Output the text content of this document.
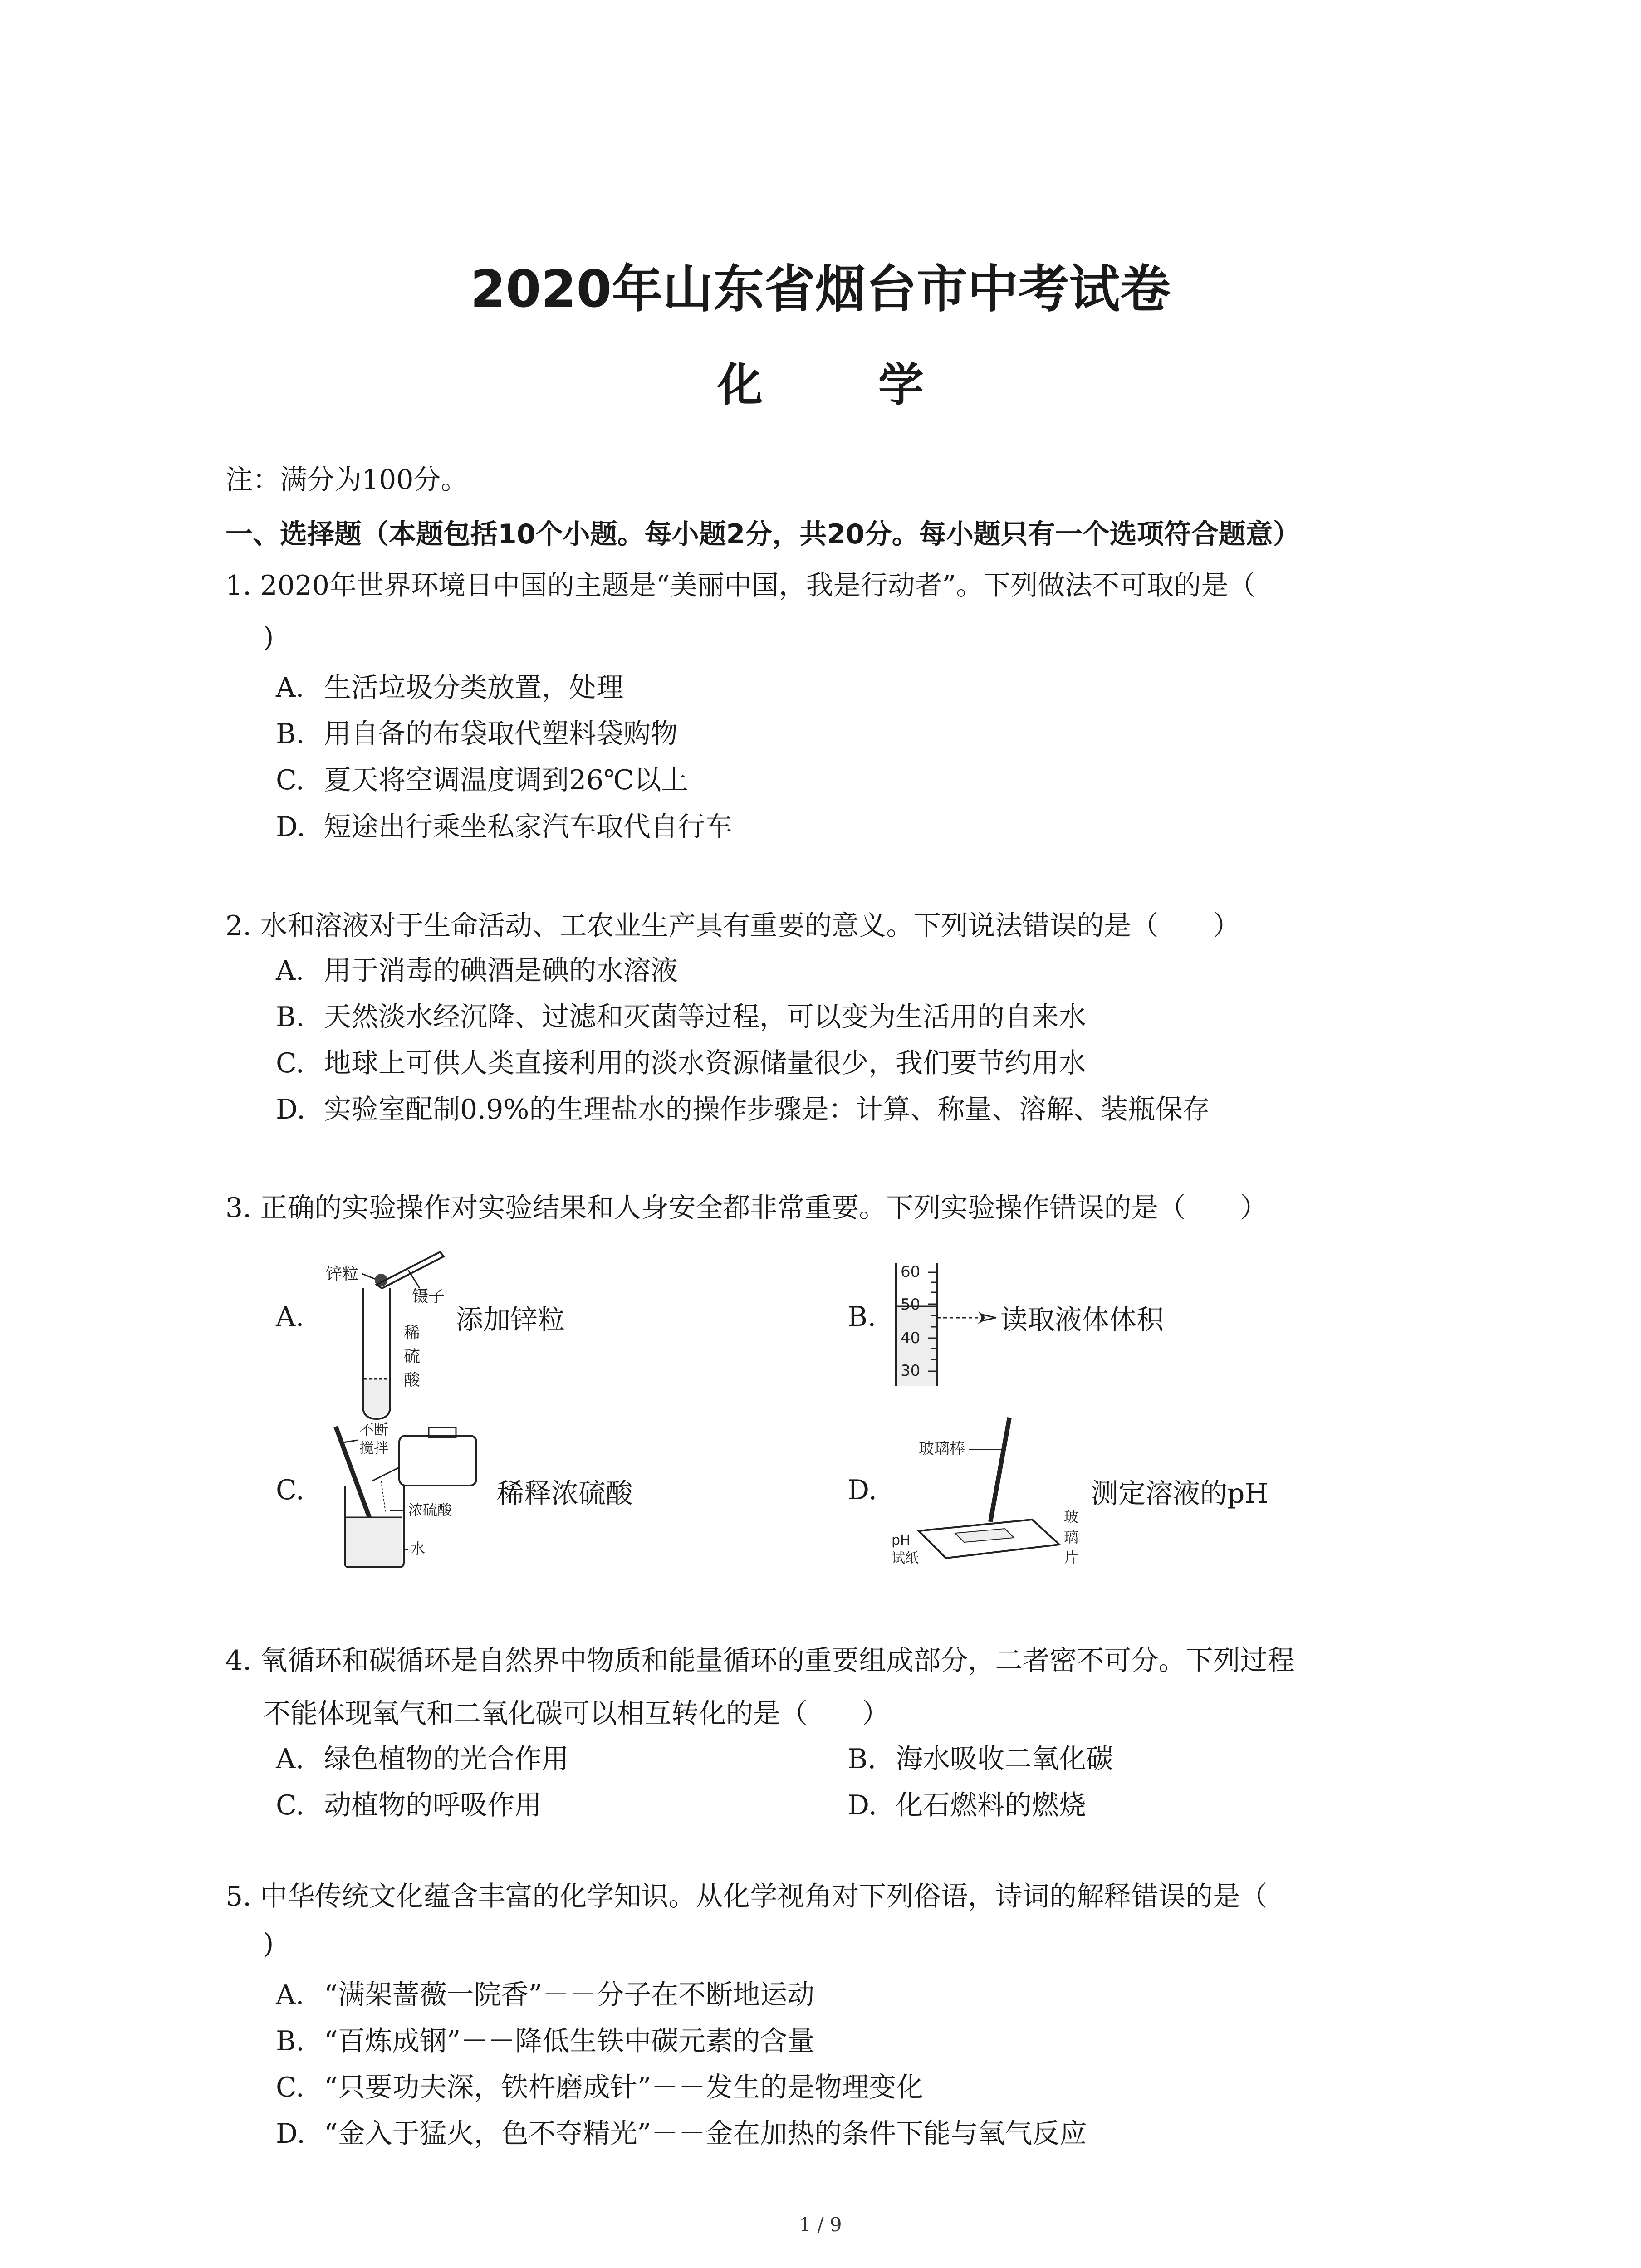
2020年山东省烟台市中考试卷
化 学
注：满分为100分。
一、选择题（本题包括10个小题。每小题2分，共20分。每小题只有一个选项符合题意）
1. 2020年世界环境日中国的主题是“美丽中国，我是行动者”。下列做法不可取的是（
)
A. 生活垃圾分类放置，处理
B. 用自备的布袋取代塑料袋购物
C. 夏天将空调温度调到26℃以上
D. 短途出行乘坐私家汽车取代自行车
2. 水和溶液对于生命活动、工农业生产具有重要的意义。下列说法错误的是（　　）
A. 用于消毒的碘酒是碘的水溶液
B. 天然淡水经沉降、过滤和灭菌等过程，可以变为生活用的自来水
C. 地球上可供人类直接利用的淡水资源储量很少，我们要节约用水
D. 实验室配制0.9%的生理盐水的操作步骤是：计算、称量、溶解、装瓶保存
3. 正确的实验操作对实验结果和人身安全都非常重要。下列实验操作错误的是（　　）
A.
锌粒
镊子
稀
硫
酸
添加锌粒	B.
60
50
40
30
读取液体体积
C.
不断
搅拌
浓硫酸
水
稀释浓硫酸	D.
玻璃棒
pH
试纸
玻
璃
片
测定溶液的pH
4. 氧循环和碳循环是自然界中物质和能量循环的重要组成部分，二者密不可分。下列过程
不能体现氧气和二氧化碳可以相互转化的是（　　）
A. 绿色植物的光合作用	B. 海水吸收二氧化碳
C. 动植物的呼吸作用	D. 化石燃料的燃烧
5. 中华传统文化蕴含丰富的化学知识。从化学视角对下列俗语，诗词的解释错误的是（
)
A. “满架蔷薇一院香”－－分子在不断地运动
B. “百炼成钢”－－降低生铁中碳元素的含量
C. “只要功夫深，铁杵磨成针”－－发生的是物理变化
D. “金入于猛火，色不夺精光”－－金在加热的条件下能与氧气反应
1 / 9
